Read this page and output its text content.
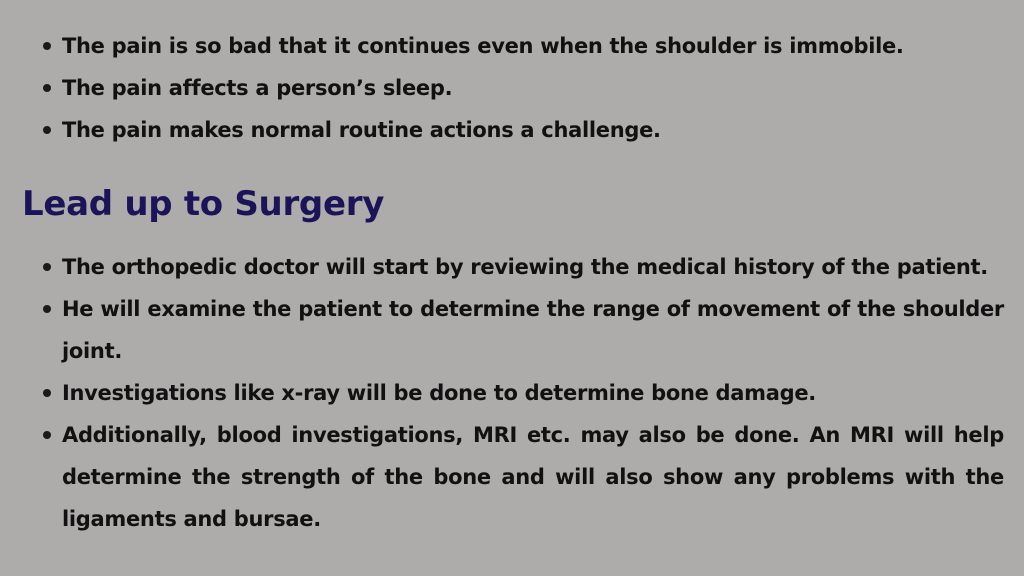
The pain is so bad that it continues even when the shoulder is immobile.
The pain affects a person’s sleep.
The pain makes normal routine actions a challenge.
Lead up to Surgery
The orthopedic doctor will start by reviewing the medical history of the patient.
He will examine the patient to determine the range of movement of the shoulder joint.
Investigations like x-ray will be done to determine bone damage.
Additionally, blood investigations, MRI etc. may also be done. An MRI will help determine the strength of the bone and will also show any problems with the ligaments and bursae.
